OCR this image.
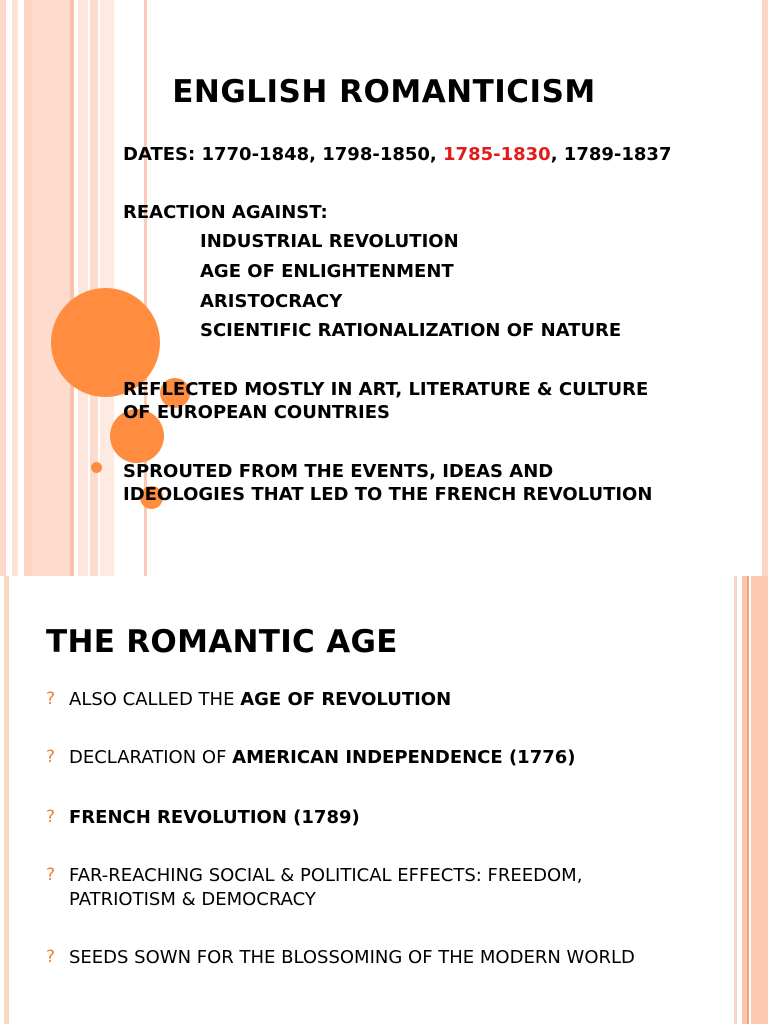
ENGLISH ROMANTICISM
DATES: 1770-1848, 1798-1850, 1785-1830, 1789-1837
REACTION AGAINST:
INDUSTRIAL REVOLUTION
AGE OF ENLIGHTENMENT
ARISTOCRACY
SCIENTIFIC RATIONALIZATION OF NATURE
REFLECTED MOSTLY IN ART, LITERATURE & CULTURE
OF EUROPEAN COUNTRIES
SPROUTED FROM THE EVENTS, IDEAS AND
IDEOLOGIES THAT LED TO THE FRENCH REVOLUTION
THE ROMANTIC AGE
? ALSO CALLED THE AGE OF REVOLUTION
? DECLARATION OF AMERICAN INDEPENDENCE (1776)
? FRENCH REVOLUTION (1789)
? FAR-REACHING SOCIAL & POLITICAL EFFECTS: FREEDOM,
PATRIOTISM & DEMOCRACY
? SEEDS SOWN FOR THE BLOSSOMING OF THE MODERN WORLD
